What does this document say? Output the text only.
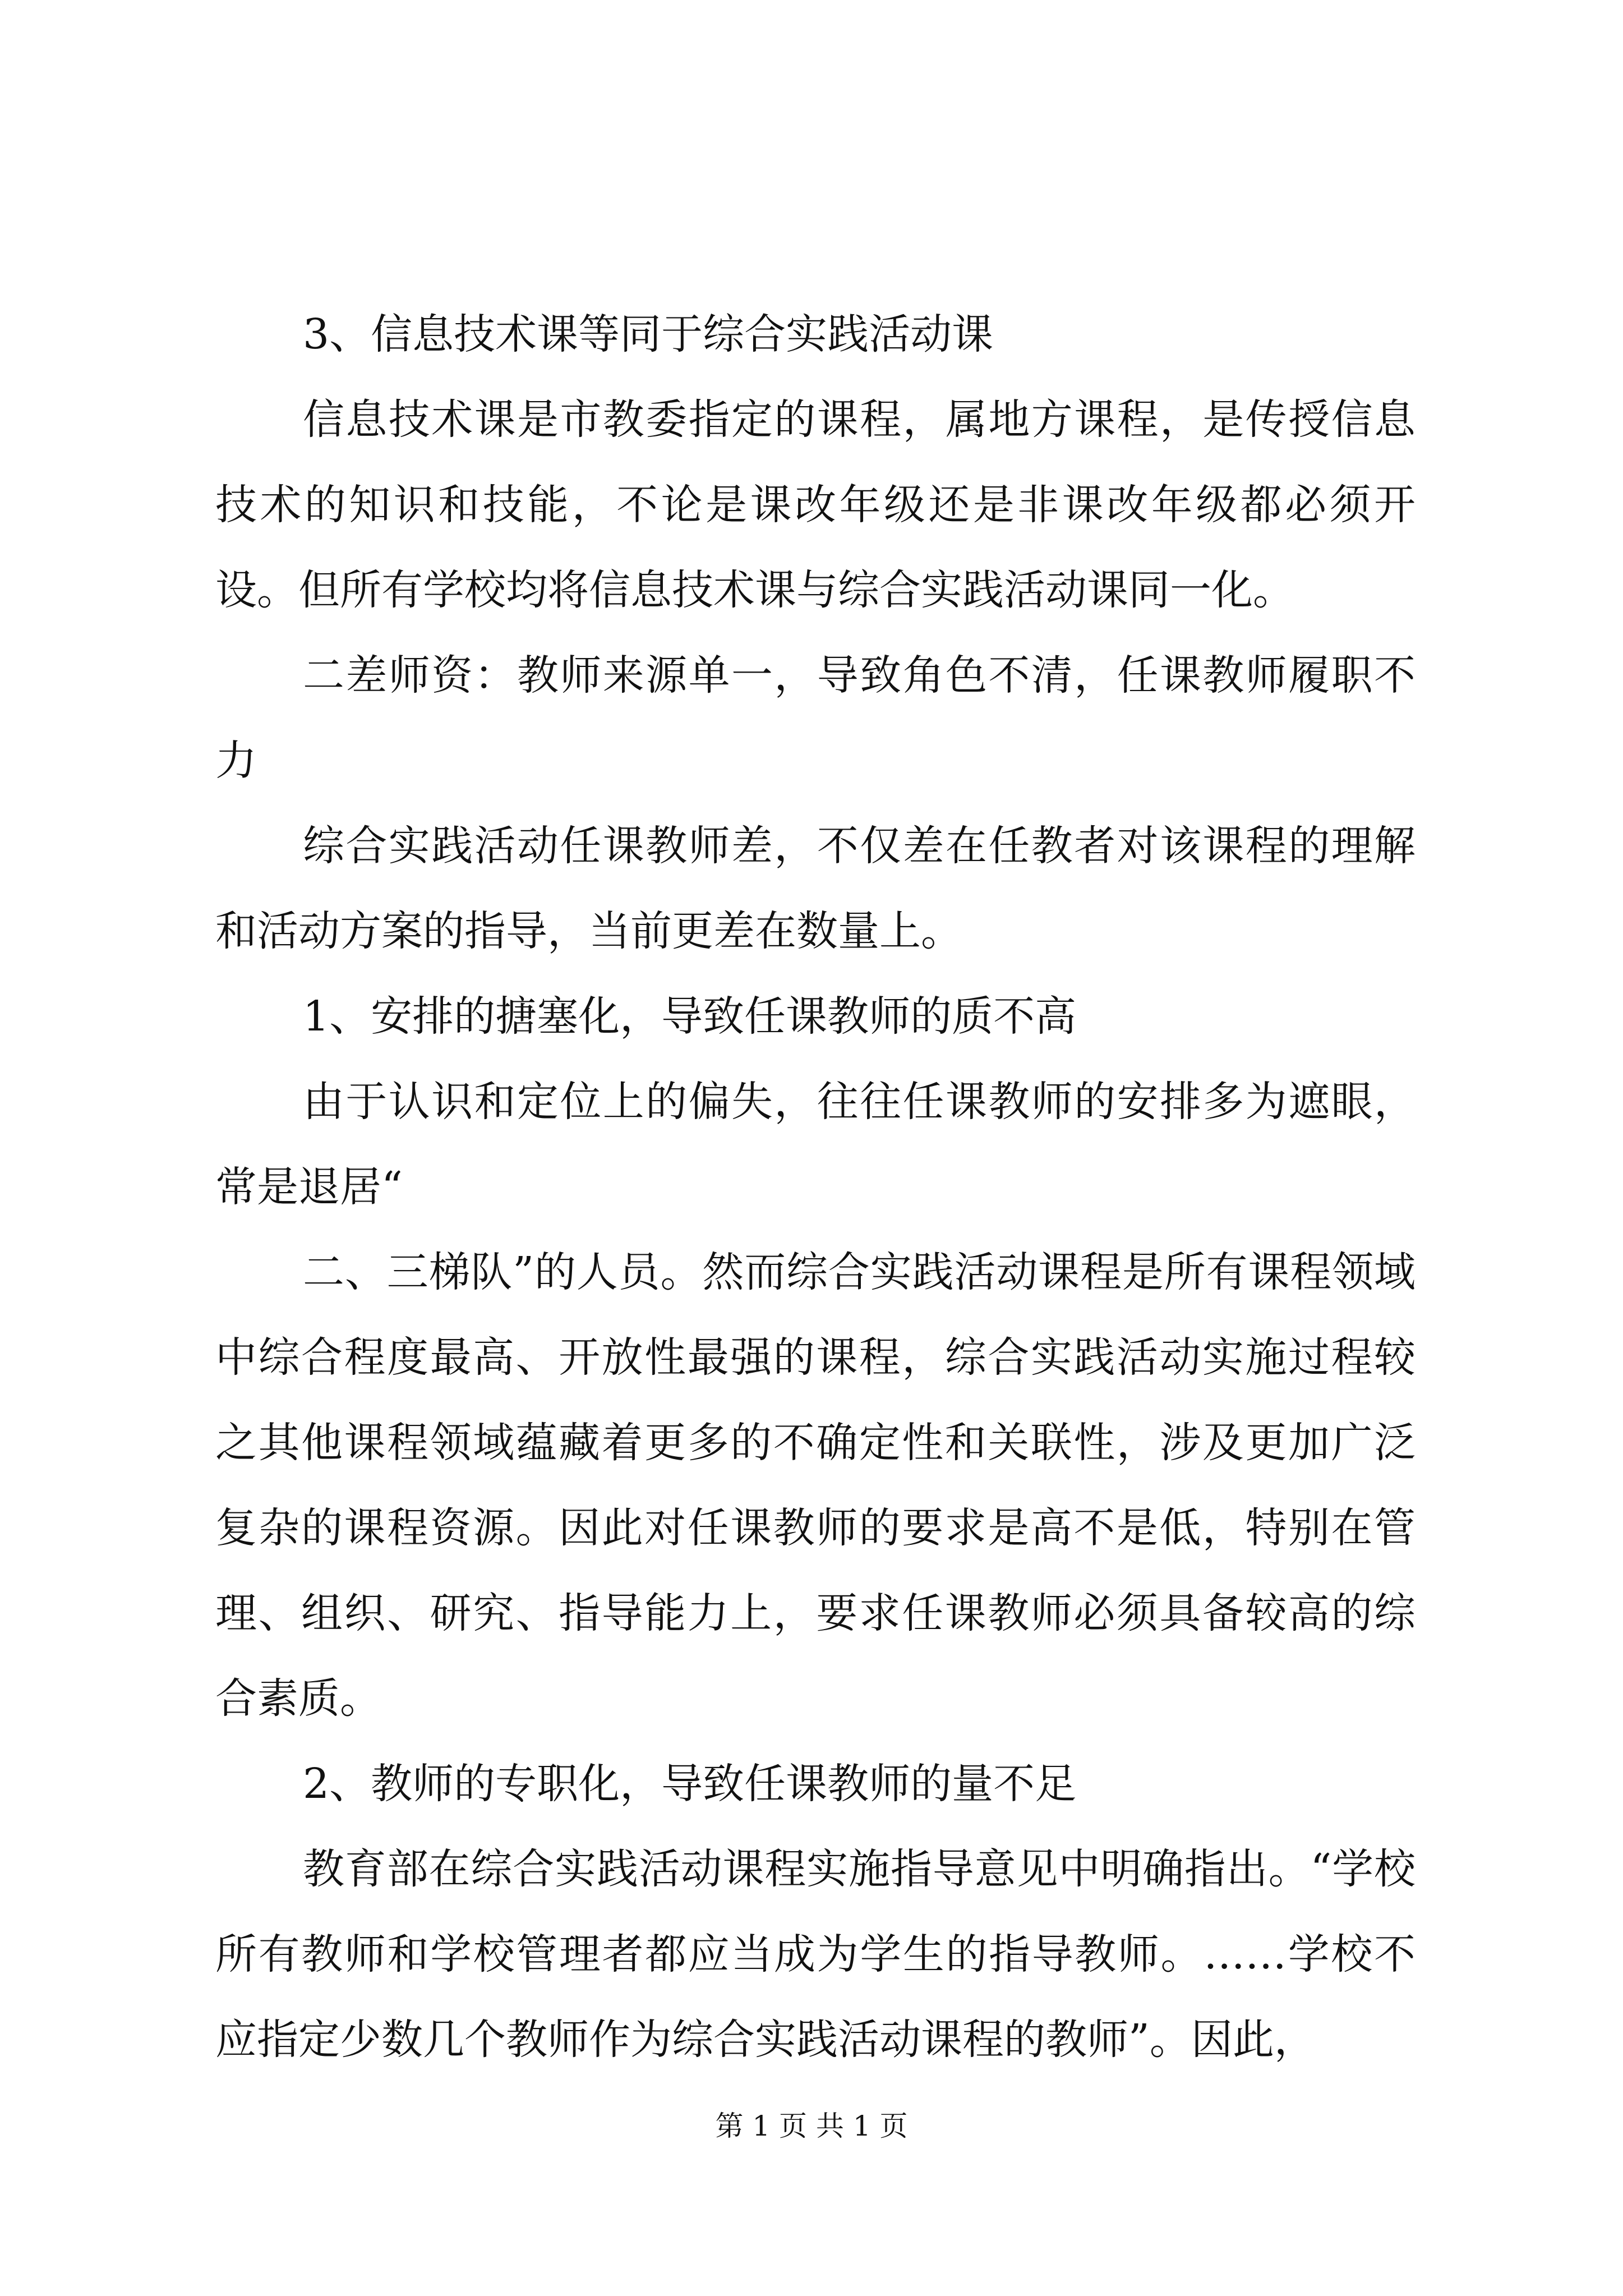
3、信息技术课等同于综合实践活动课

信息技术课是市教委指定的课程，属地方课程，是传授信息技术的知识和技能，不论是课改年级还是非课改年级都必须开设。但所有学校均将信息技术课与综合实践活动课同一化。

二差师资：教师来源单一，导致角色不清，任课教师履职不力

综合实践活动任课教师差，不仅差在任教者对该课程的理解和活动方案的指导，当前更差在数量上。

1、安排的搪塞化，导致任课教师的质不高

由于认识和定位上的偏失，往往任课教师的安排多为遮眼，常是退居“

二、三梯队”的人员。然而综合实践活动课程是所有课程领域中综合程度最高、开放性最强的课程，综合实践活动实施过程较之其他课程领域蕴藏着更多的不确定性和关联性，涉及更加广泛复杂的课程资源。因此对任课教师的要求是高不是低，特别在管理、组织、研究、指导能力上，要求任课教师必须具备较高的综合素质。

2、教师的专职化，导致任课教师的量不足

教育部在综合实践活动课程实施指导意见中明确指出。“学校所有教师和学校管理者都应当成为学生的指导教师。……学校不应指定少数几个教师作为综合实践活动课程的教师”。因此，

第 1 页 共 1 页
